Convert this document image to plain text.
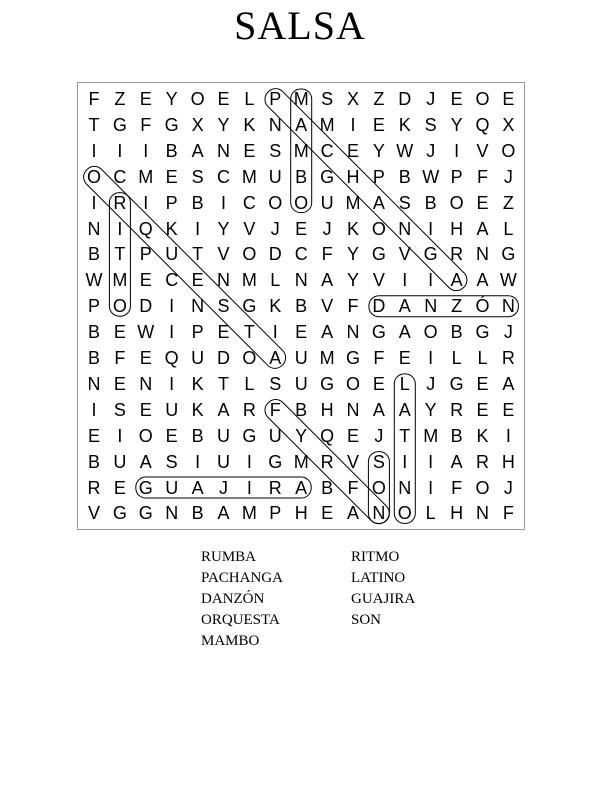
SALSA
F Z E Y O E L P M S X Z D J E O E
T G F G X Y K N A M I E K S Y Q X
I	I	I B A N E S M C E Y W J	I V O
O C M E S C M U B G H P B W P F J
I R I P B I C O O U M A S B O E Z
N I Q K I Y V J E J K O N I H A L
B T P U T V O D C F Y G V G R N G
W M E C E N M L N A Y V I	I A A W
P O D I N S G K B V F D A N Z Ó N
B E W I P E T I E A N G A O B G J
B F E Q U D O A U M G F E I	L L R
N E N I K T L S U G O E L J G E A
I S E U K A R F B H N A A Y R E E
E I O E B U G U Y Q E J T M B K I
B U A S I U I G M R V S I	I A R H
R E G U A J	I R A B F O N I F O J
V G G N B A M P H E A N O L H N F
RUMBA
PACHANGA
DANZÓN
ORQUESTA
MAMBO
RITMO
LATINO
GUAJIRA
SON
